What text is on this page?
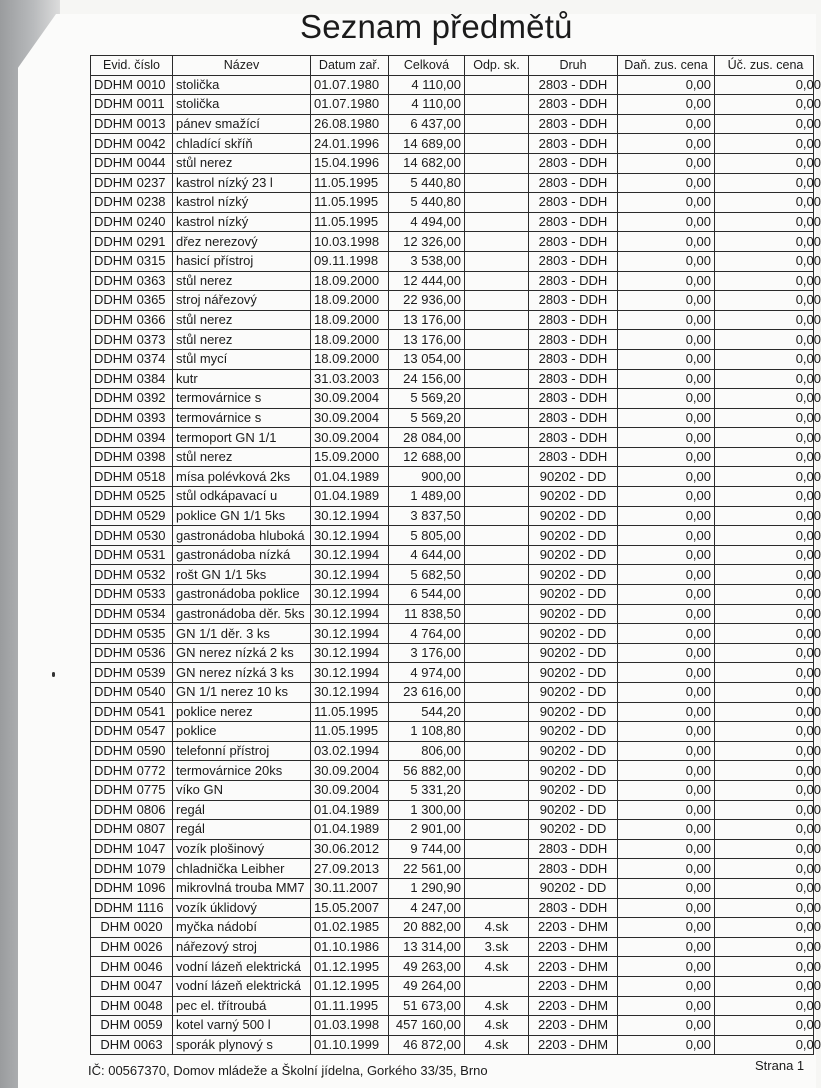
Seznam předmětů
Evid. číslo	Název	Datum zař.	Celková	Odp. sk.	Druh	Daň. zus. cena	Úč. zus. cena
DDHM 0010	stolička	01.07.1980	4 110,00		2803 - DDH	0,00	0,00
DDHM 0011	stolička	01.07.1980	4 110,00		2803 - DDH	0,00	0,00
DDHM 0013	pánev smažící	26.08.1980	6 437,00		2803 - DDH	0,00	0,00
DDHM 0042	chladící skříň	24.01.1996	14 689,00		2803 - DDH	0,00	0,00
DDHM 0044	stůl nerez	15.04.1996	14 682,00		2803 - DDH	0,00	0,00
DDHM 0237	kastrol nízký 23 l	11.05.1995	5 440,80		2803 - DDH	0,00	0,00
DDHM 0238	kastrol nízký	11.05.1995	5 440,80		2803 - DDH	0,00	0,00
DDHM 0240	kastrol nízký	11.05.1995	4 494,00		2803 - DDH	0,00	0,00
DDHM 0291	dřez nerezový	10.03.1998	12 326,00		2803 - DDH	0,00	0,00
DDHM 0315	hasicí přístroj	09.11.1998	3 538,00		2803 - DDH	0,00	0,00
DDHM 0363	stůl nerez	18.09.2000	12 444,00		2803 - DDH	0,00	0,00
DDHM 0365	stroj nářezový	18.09.2000	22 936,00		2803 - DDH	0,00	0,00
DDHM 0366	stůl nerez	18.09.2000	13 176,00		2803 - DDH	0,00	0,00
DDHM 0373	stůl nerez	18.09.2000	13 176,00		2803 - DDH	0,00	0,00
DDHM 0374	stůl mycí	18.09.2000	13 054,00		2803 - DDH	0,00	0,00
DDHM 0384	kutr	31.03.2003	24 156,00		2803 - DDH	0,00	0,00
DDHM 0392	termovárnice s	30.09.2004	5 569,20		2803 - DDH	0,00	0,00
DDHM 0393	termovárnice s	30.09.2004	5 569,20		2803 - DDH	0,00	0,00
DDHM 0394	termoport GN 1/1	30.09.2004	28 084,00		2803 - DDH	0,00	0,00
DDHM 0398	stůl nerez	15.09.2000	12 688,00		2803 - DDH	0,00	0,00
DDHM 0518	mísa polévková 2ks	01.04.1989	900,00		90202 - DD	0,00	0,00
DDHM 0525	stůl odkápavací u	01.04.1989	1 489,00		90202 - DD	0,00	0,00
DDHM 0529	poklice GN 1/1 5ks	30.12.1994	3 837,50		90202 - DD	0,00	0,00
DDHM 0530	gastronádoba hluboká	30.12.1994	5 805,00		90202 - DD	0,00	0,00
DDHM 0531	gastronádoba nízká	30.12.1994	4 644,00		90202 - DD	0,00	0,00
DDHM 0532	rošt GN 1/1 5ks	30.12.1994	5 682,50		90202 - DD	0,00	0,00
DDHM 0533	gastronádoba poklice	30.12.1994	6 544,00		90202 - DD	0,00	0,00
DDHM 0534	gastronádoba děr. 5ks	30.12.1994	11 838,50		90202 - DD	0,00	0,00
DDHM 0535	GN 1/1 děr. 3 ks	30.12.1994	4 764,00		90202 - DD	0,00	0,00
DDHM 0536	GN nerez nízká 2 ks	30.12.1994	3 176,00		90202 - DD	0,00	0,00
DDHM 0539	GN nerez nízká 3 ks	30.12.1994	4 974,00		90202 - DD	0,00	0,00
DDHM 0540	GN 1/1 nerez 10 ks	30.12.1994	23 616,00		90202 - DD	0,00	0,00
DDHM 0541	poklice nerez	11.05.1995	544,20		90202 - DD	0,00	0,00
DDHM 0547	poklice	11.05.1995	1 108,80		90202 - DD	0,00	0,00
DDHM 0590	telefonní přístroj	03.02.1994	806,00		90202 - DD	0,00	0,00
DDHM 0772	termovárnice 20ks	30.09.2004	56 882,00		90202 - DD	0,00	0,00
DDHM 0775	víko GN	30.09.2004	5 331,20		90202 - DD	0,00	0,00
DDHM 0806	regál	01.04.1989	1 300,00		90202 - DD	0,00	0,00
DDHM 0807	regál	01.04.1989	2 901,00		90202 - DD	0,00	0,00
DDHM 1047	vozík plošinový	30.06.2012	9 744,00		2803 - DDH	0,00	0,00
DDHM 1079	chladnička Leibher	27.09.2013	22 561,00		2803 - DDH	0,00	0,00
DDHM 1096	mikrovlná trouba MM7	30.11.2007	1 290,90		90202 - DD	0,00	0,00
DDHM 1116	vozík úklidový	15.05.2007	4 247,00		2803 - DDH	0,00	0,00
DHM 0020	myčka nádobí	01.02.1985	20 882,00	4.sk	2203 - DHM	0,00	0,00
DHM 0026	nářezový stroj	01.10.1986	13 314,00	3.sk	2203 - DHM	0,00	0,00
DHM 0046	vodní lázeň elektrická	01.12.1995	49 263,00	4.sk	2203 - DHM	0,00	0,00
DHM 0047	vodní lázeň elektrická	01.12.1995	49 264,00		2203 - DHM	0,00	0,00
DHM 0048	pec el. třítroubá	01.11.1995	51 673,00	4.sk	2203 - DHM	0,00	0,00
DHM 0059	kotel varný 500 l	01.03.1998	457 160,00	4.sk	2203 - DHM	0,00	0,00
DHM 0063	sporák plynový s	01.10.1999	46 872,00	4.sk	2203 - DHM	0,00	0,00
IČ: 00567370, Domov mládeže a Školní jídelna, Gorkého 33/35, Brno	Strana 1
